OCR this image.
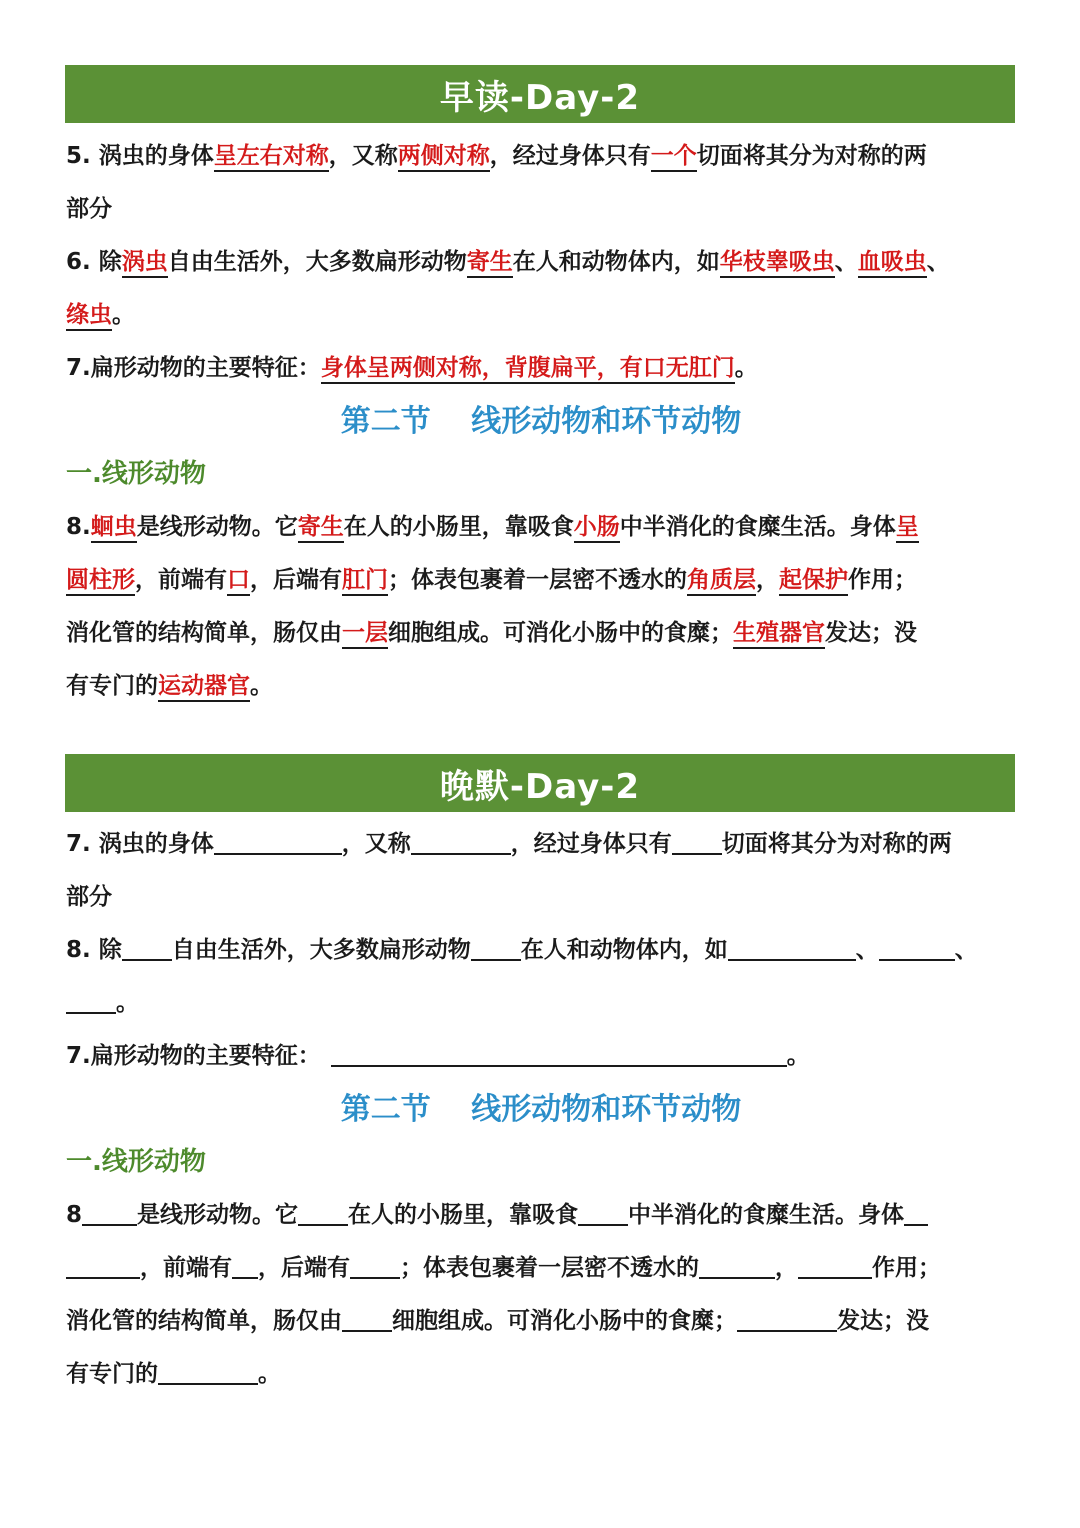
早读-Day-2
5. 涡虫的身体呈左右对称，又称两侧对称，经过身体只有一个切面将其分为对称的两
部分
6. 除涡虫自由生活外，大多数扁形动物寄生在人和动物体内，如华枝睾吸虫、血吸虫、
绦虫。
7.扁形动物的主要特征：身体呈两侧对称，背腹扁平，有口无肛门。
第二节　 线形动物和环节动物
一.线形动物
8.蛔虫是线形动物。它寄生在人的小肠里，靠吸食小肠中半消化的食糜生活。身体呈
圆柱形，前端有口，后端有肛门；体表包裹着一层密不透水的角质层，起保护作用；
消化管的结构简单，肠仅由一层细胞组成。可消化小肠中的食糜；生殖器官发达；没
有专门的运动器官。
晚默-Day-2
7. 涡虫的身体	，又称	，经过身体只有 切面将其分为对称的两
部分
8. 除 自由生活外，大多数扁形动物 在人和动物体内，如	、	、
。
7.扁形动物的主要特征：	。
第二节　 线形动物和环节动物
一.线形动物
8 是线形动物。它 在人的小肠里，靠吸食 中半消化的食糜生活。身体
，前端有 ，后端有 ；体表包裹着一层密不透水的	，	作用；
消化管的结构简单，肠仅由 细胞组成。可消化小肠中的食糜；	发达；没
有专门的	。
